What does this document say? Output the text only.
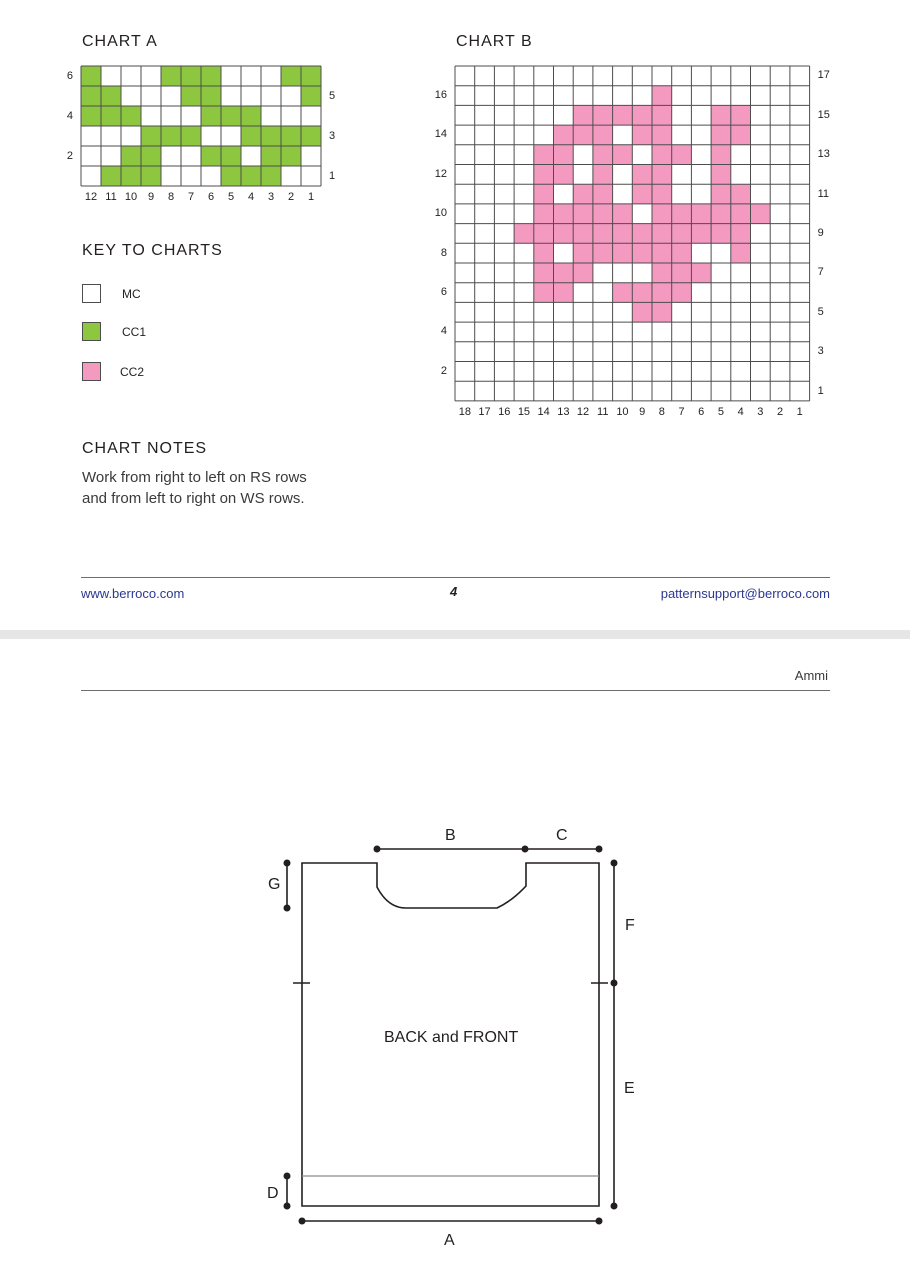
CHART A	CHART B
6
4
2
5
3
1
12 11 10 9	8	7	6	5	4	3	2	1
16
14
12
10
8
6
4
2
17
15
13
11
9
7
5
3
1
18 17 16 15 14 13 12 11 10 9	8	7	6	5	4	3	2	1
KEY TO CHARTS
MC
CC1
CC2
CHART NOTES
Work from right to left on RS rows
and from left to right on WS rows.
www.berroco.com	4	patternsupport@berroco.com
Ammi
BACK and FRONT
B	C
G
F
E
D
A
